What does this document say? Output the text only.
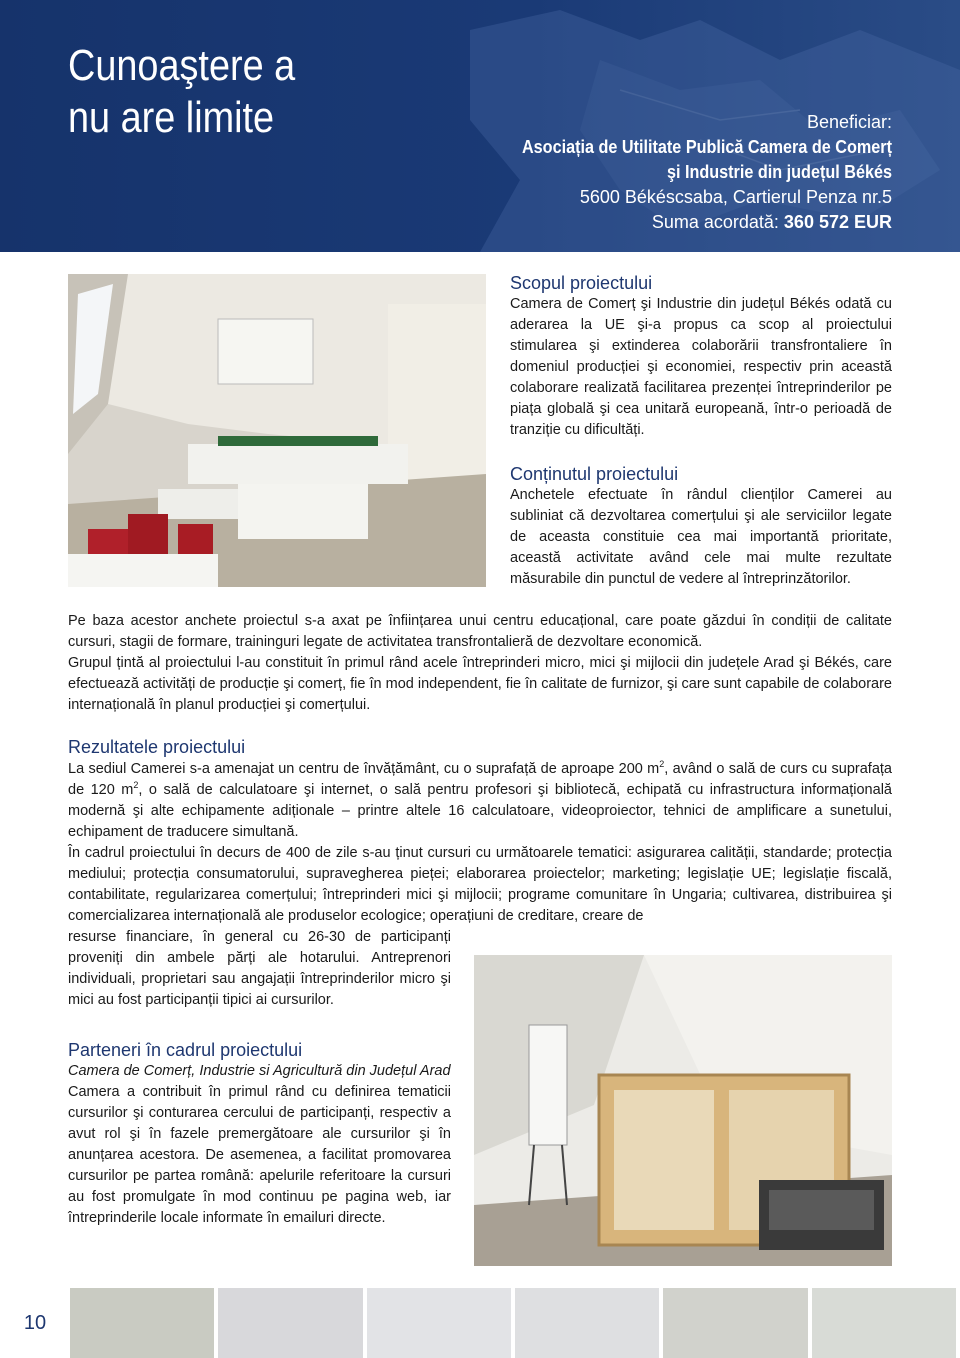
Cunoaştere a
nu are limite	Beneficiar:
Asociația de Utilitate Publică Camera de Comerț
şi Industrie din județul Békés
5600 Békéscsaba, Cartierul Penza nr.5
Suma acordată: 360 572 EUR
Scopul proiectului
Camera de Comerț şi Industrie din județul Békés odată cu aderarea la UE şi-a propus ca scop al proiectului stimularea şi extinderea colaborării transfrontaliere în domeniul producției şi economiei, respectiv prin această colaborare realizată facilitarea prezenței întreprinderilor pe piața globală şi cea unitară europeană, într-o perioadă de tranziție cu dificultăți.
Conținutul proiectului
Anchetele efectuate în rândul clienților Camerei au subliniat că dezvoltarea comerțului şi ale serviciilor legate de aceasta constituie cea mai importantă prioritate, această activitate având cele mai multe rezultate măsurabile din punctul de vedere al întreprinzătorilor.

Pe baza acestor anchete proiectul s-a axat pe înființarea unui centru educațional, care poate găzdui în condiții de calitate cursuri, stagii de formare, traininguri legate de activitatea transfrontalieră de dezvoltare economică.

Grupul țintă al proiectului l-au constituit în primul rând acele întreprinderi micro, mici şi mijlocii din județele Arad şi Békés, care efectuează activități de producție şi comerț, fie în mod independent, fie în calitate de furnizor, şi care sunt capabile de colaborare internațională în planul producției şi comerțului.

Rezultatele proiectului

La sediul Camerei s-a amenajat un centru de învățământ, cu o suprafață de aproape 200 $m^2$, având o sală de curs cu suprafața de 120 $m^2$, o sală de calculatoare şi internet, o sală pentru profesori şi bibliotecă, echipată cu infrastructura informațională modernă şi alte echipamente adiționale – printre altele 16 calculatoare, videoproiector, tehnici de amplificare a sunetului, echipament de traducere simultană.

În cadrul proiectului în decurs de 400 de zile s-au ținut cursuri cu următoarele tematici: asigurarea calității, standarde; protecția mediului; protecția consumatorului, supravegherea pieței; elaborarea proiectelor; marketing; legislație UE; legislație fiscală, contabilitate, regularizarea comerțului; întreprinderi mici şi mijlocii; programe comunitare în Ungaria; cultivarea, distribuirea şi comercializarea internațională ale produselor ecologice; operațiuni de creditare, creare de

resurse financiare, în general cu 26-30 de participanți proveniți din ambele părți ale hotarului. Antreprenori individuali, proprietari sau angajații întreprinderilor micro şi mici au fost participanții tipici ai cursurilor.
Parteneri în cadrul proiectului
Camera de Comerț, Industrie si Agricultură din Județul Arad

Camera a contribuit în primul rând cu definirea tematicii cursurilor şi conturarea cercului de participanți, respectiv a avut rol şi în fazele premergătoare ale cursurilor şi în anunțarea acestora. De asemenea, a facilitat promovarea cursurilor pe partea română: apelurile referitoare la cursuri au fost promulgate în mod continuu pe pagina web, iar întreprinderile locale informate în emailuri directe.

10
